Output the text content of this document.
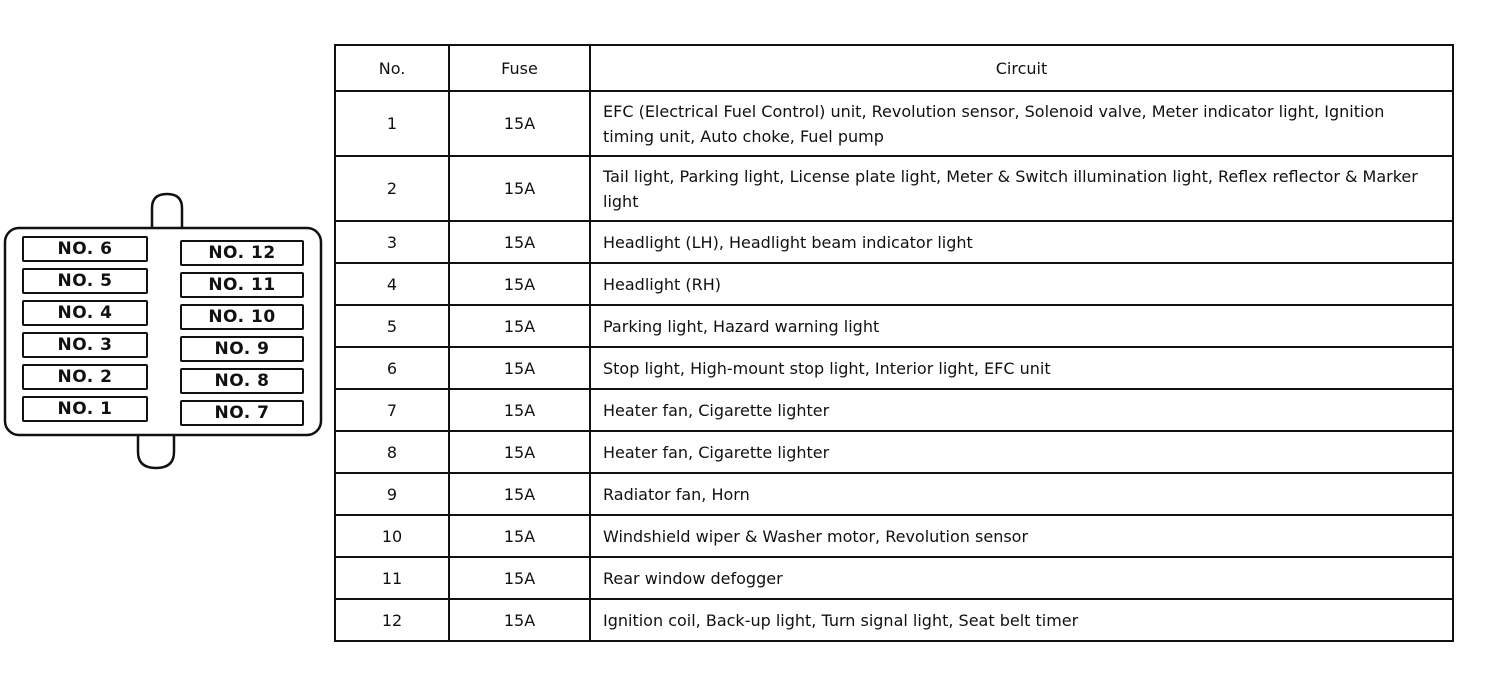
NO. 6
NO. 5
NO. 4
NO. 3
NO. 2
NO. 1
NO. 12
NO. 11
NO. 10
NO. 9
NO. 8
NO. 7
No.	Fuse	Circuit
1	15A	EFC (Electrical Fuel Control) unit, Revolution sensor, Solenoid valve, Meter indicator light, Ignition timing unit, Auto choke, Fuel pump
2	15A	Tail light, Parking light, License plate light, Meter & Switch illumination light, Reflex reflector & Marker light
3	15A	Headlight (LH), Headlight beam indicator light
4	15A	Headlight (RH)
5	15A	Parking light, Hazard warning light
6	15A	Stop light, High-mount stop light, Interior light, EFC unit
7	15A	Heater fan, Cigarette lighter
8	15A	Heater fan, Cigarette lighter
9	15A	Radiator fan, Horn
10	15A	Windshield wiper & Washer motor, Revolution sensor
11	15A	Rear window defogger
12	15A	Ignition coil, Back-up light, Turn signal light, Seat belt timer
